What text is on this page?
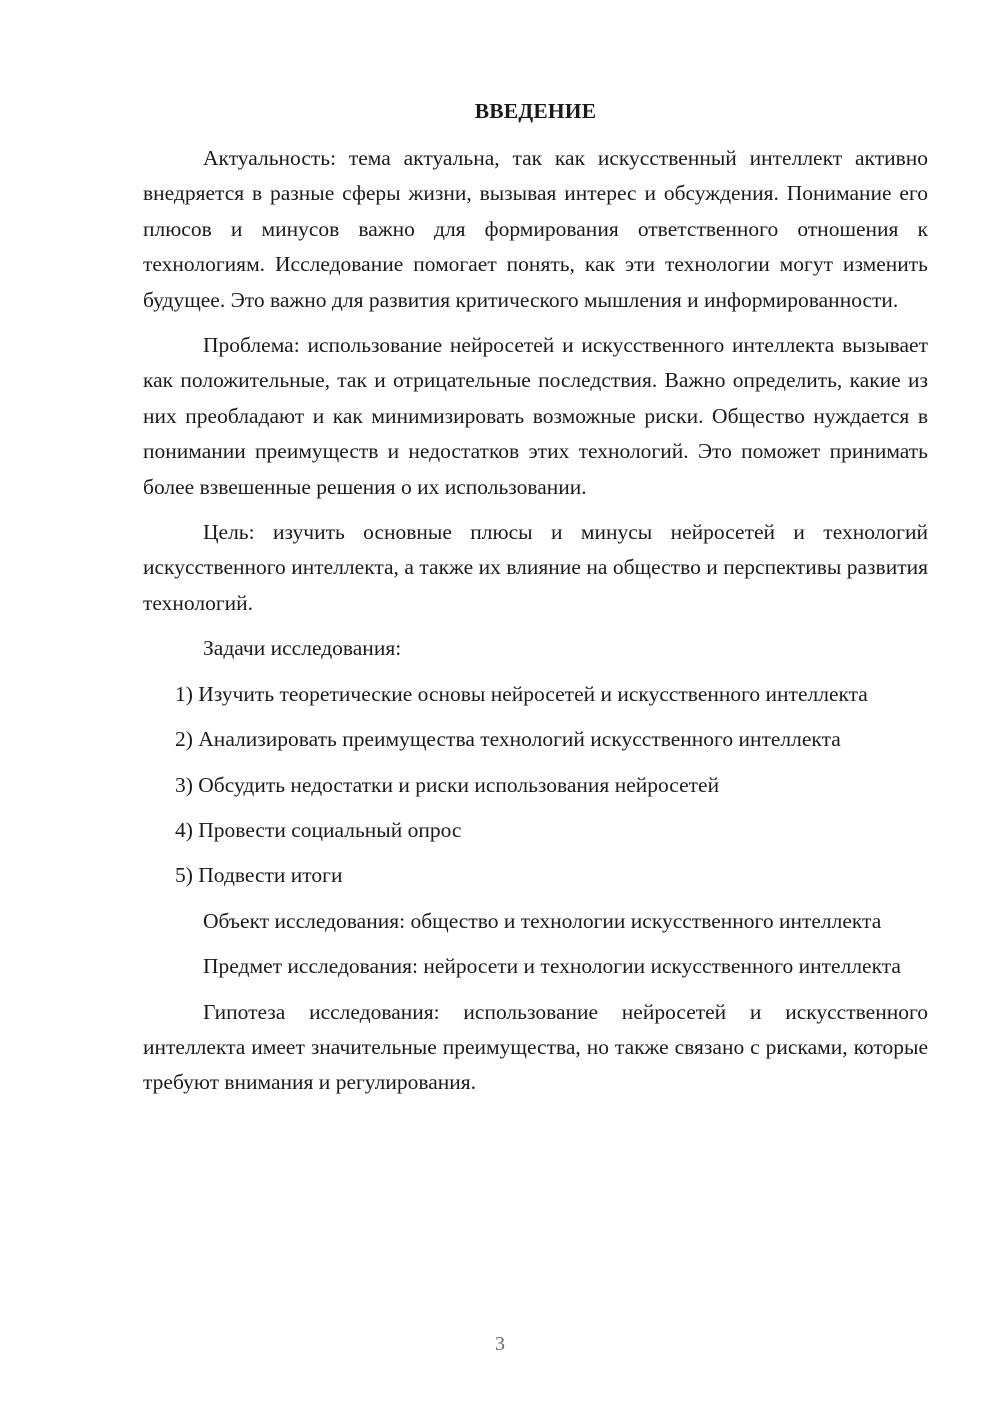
ВВЕДЕНИЕ

Актуальность: тема актуальна, так как искусственный интеллект активно внедряется в разные сферы жизни, вызывая интерес и обсуждения. Понимание его плюсов и минусов важно для формирования ответственного отношения к технологиям. Исследование помогает понять, как эти технологии могут изменить будущее. Это важно для развития критического мышления и информированности.

Проблема: использование нейросетей и искусственного интеллекта вызывает как положительные, так и отрицательные последствия. Важно определить, какие из них преобладают и как минимизировать возможные риски. Общество нуждается в понимании преимуществ и недостатков этих технологий. Это поможет принимать более взвешенные решения о их использовании.

Цель: изучить основные плюсы и минусы нейросетей и технологий искусственного интеллекта, а также их влияние на общество и перспективы развития технологий.

Задачи исследования:

1) Изучить теоретические основы нейросетей и искусственного интеллекта

2) Анализировать преимущества технологий искусственного интеллекта

3) Обсудить недостатки и риски использования нейросетей

4) Провести социальный опрос

5) Подвести итоги

Объект исследования: общество и технологии искусственного интеллекта

Предмет исследования: нейросети и технологии искусственного интеллекта

Гипотеза исследования: использование нейросетей и искусственного интеллекта имеет значительные преимущества, но также связано с рисками, которые требуют внимания и регулирования.

3
